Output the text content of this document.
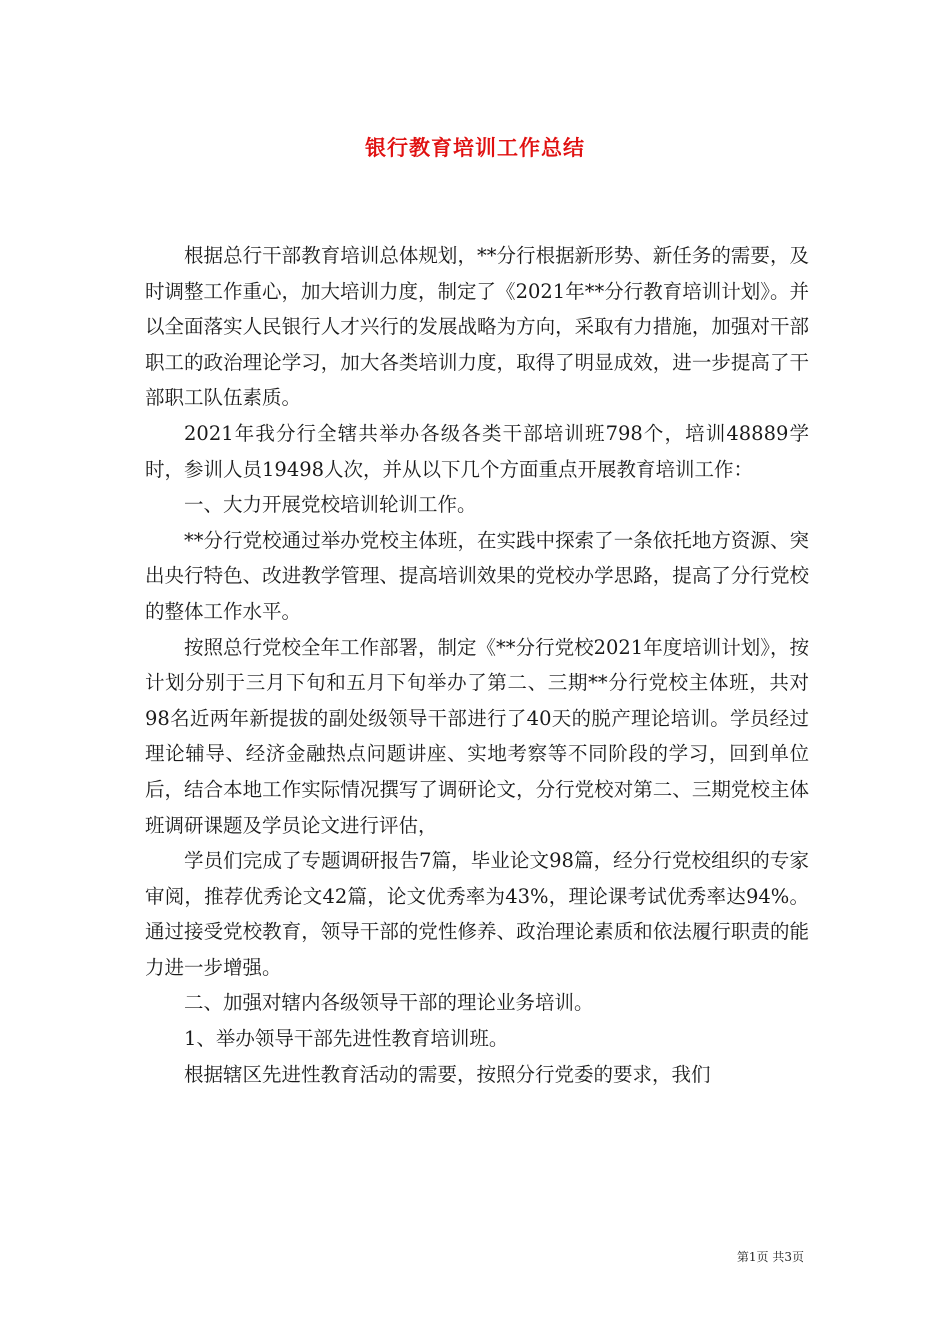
银行教育培训工作总结

根据总行干部教育培训总体规划，**分行根据新形势、新任务的需要，及时调整工作重心，加大培训力度，制定了《2021年**分行教育培训计划》。并以全面落实人民银行人才兴行的发展战略为方向，采取有力措施，加强对干部职工的政治理论学习，加大各类培训力度，取得了明显成效，进一步提高了干部职工队伍素质。

2021年我分行全辖共举办各级各类干部培训班798个，培训48889学时，参训人员19498人次，并从以下几个方面重点开展教育培训工作：

一、大力开展党校培训轮训工作。

**分行党校通过举办党校主体班，在实践中探索了一条依托地方资源、突出央行特色、改进教学管理、提高培训效果的党校办学思路，提高了分行党校的整体工作水平。

按照总行党校全年工作部署，制定《**分行党校2021年度培训计划》，按计划分别于三月下旬和五月下旬举办了第二、三期**分行党校主体班，共对98名近两年新提拔的副处级领导干部进行了40天的脱产理论培训。学员经过理论辅导、经济金融热点问题讲座、实地考察等不同阶段的学习，回到单位后，结合本地工作实际情况撰写了调研论文，分行党校对第二、三期党校主体班调研课题及学员论文进行评估，

学员们完成了专题调研报告7篇，毕业论文98篇，经分行党校组织的专家审阅，推荐优秀论文42篇，论文优秀率为43%，理论课考试优秀率达94%。通过接受党校教育，领导干部的党性修养、政治理论素质和依法履行职责的能力进一步增强。

二、加强对辖内各级领导干部的理论业务培训。

1、举办领导干部先进性教育培训班。

根据辖区先进性教育活动的需要，按照分行党委的要求，我们

第1页 共3页
